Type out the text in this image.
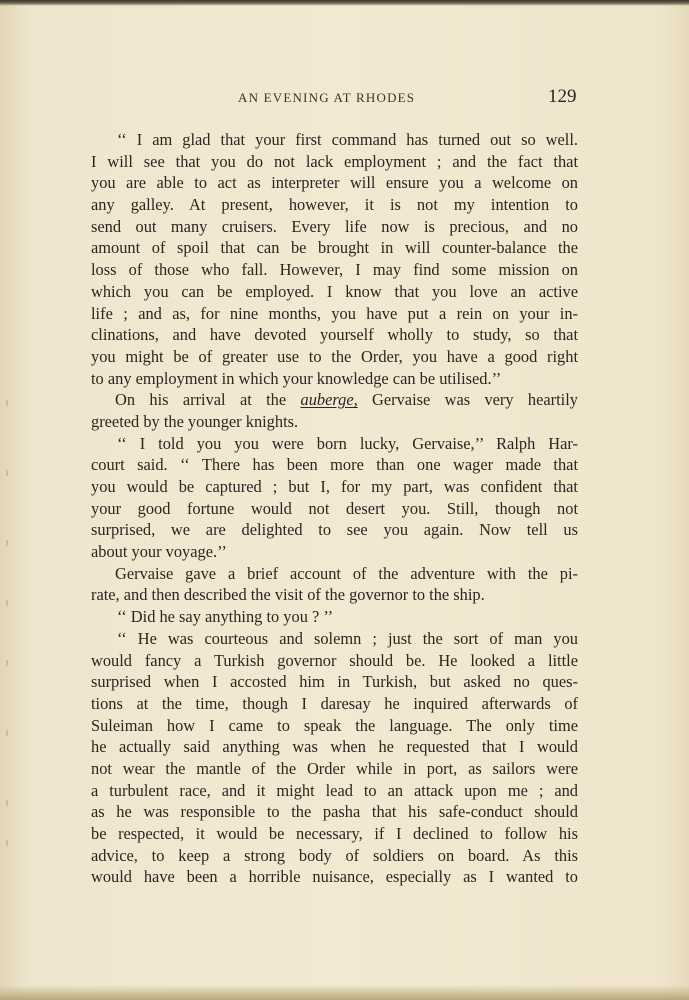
AN EVENING AT RHODES	129
‘‘ I am glad that your first command has turned out so well.
I will see that you do not lack employment ; and the fact that
you are able to act as interpreter will ensure you a welcome on
any galley. At present, however, it is not my intention to
send out many cruisers. Every life now is precious, and no
amount of spoil that can be brought in will counter-balance the
loss of those who fall. However, I may find some mission on
which you can be employed. I know that you love an active
life ; and as, for nine months, you have put a rein on your in-
clinations, and have devoted yourself wholly to study, so that
you might be of greater use to the Order, you have a good right
to any employment in which your knowledge can be utilised.’’
On his arrival at the auberge, Gervaise was very heartily
greeted by the younger knights.
‘‘ I told you you were born lucky, Gervaise,’’ Ralph Har-
court said. ‘‘ There has been more than one wager made that
you would be captured ; but I, for my part, was confident that
your good fortune would not desert you. Still, though not
surprised, we are delighted to see you again. Now tell us
about your voyage.’’
Gervaise gave a brief account of the adventure with the pi-
rate, and then described the visit of the governor to the ship.
‘‘ Did he say anything to you ? ’’
‘‘ He was courteous and solemn ; just the sort of man you
would fancy a Turkish governor should be. He looked a little
surprised when I accosted him in Turkish, but asked no ques-
tions at the time, though I daresay he inquired afterwards of
Suleiman how I came to speak the language. The only time
he actually said anything was when he requested that I would
not wear the mantle of the Order while in port, as sailors were
a turbulent race, and it might lead to an attack upon me ; and
as he was responsible to the pasha that his safe-conduct should
be respected, it would be necessary, if I declined to follow his
advice, to keep a strong body of soldiers on board. As this
would have been a horrible nuisance, especially as I wanted to
